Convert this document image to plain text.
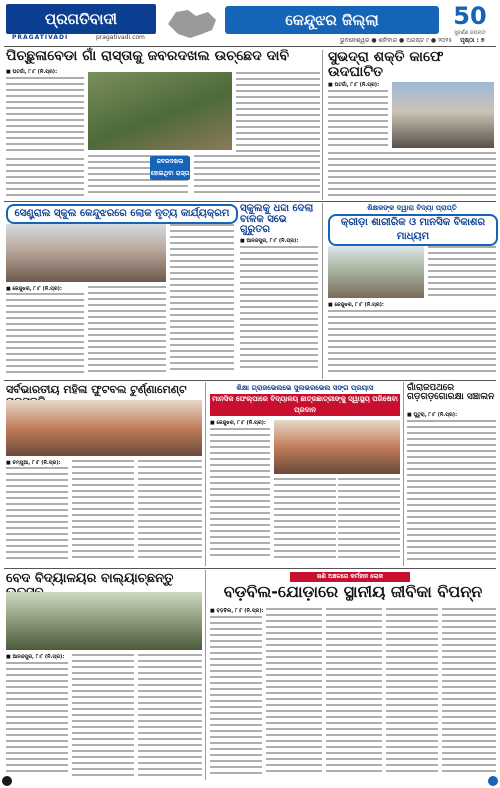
ପ୍ରଗତିବାଦୀ
PRAGATIVADI	pragativadi.com
କେନ୍ଦୁଝର ଜିଲ୍ଲା	50
ସୁବର୍ଣ୍ଣ ଜୟନ୍ତୀ
ଭୁବନେଶ୍ୱର ● ଶନିବାର ● ଅଗଷ୍ଟ ୯ ● ୨୦୨୫ ପୃଷ୍ଠା : ୭
ପିଚ୍ଛୁଳାବେଡା ଗାଁ ରାସ୍ତାକୁ ଜବରଦଖଲ ଉଚ୍ଛେଦ ଦାବି
■ ଘଟଗାଁ, ୮।୮ (ନି.ପ୍ର):
ଜବରଦଖଲ ହୋଇଥିବା ରାସ୍ତା
ସୁଭଦ୍ରା ଶକ୍ତି କାଫେ ଉଦଘାଟିତ
■ ଘଟଗାଁ, ୮।୮ (ନି.ପ୍ର):
ସେଣ୍ଟ୍ରାଲ ସ୍କୁଲ କେନ୍ଦୁଝରରେ ଲୋକ ନୃତ୍ୟ କାର୍ଯ୍ୟକ୍ରମ
■ କେନ୍ଦୁଝର, ୮।୮ (ନି.ପ୍ର):
ସ୍କୁଲକୁ ଧଦ୍ଦା ଦେଲା ବାଳକ ସଭେ ଗୁରୁତର
■ ଆନନ୍ଦପୁର, ୮।୮ (ନି.ପ୍ର):
ଶିକ୍ଷକଙ୍କ ଦ୍ୱାରା ବିଦ୍ୟା ପ୍ରାପ୍ତି
କ୍ରୀଡ଼ା ଶାରୀରିକ ଓ ମାନସିକ ବିକାଶର ମାଧ୍ୟମ
■ କେନ୍ଦୁଝର, ୮।୮ (ନି.ପ୍ର):
ସର୍ବଭାରତୀୟ ମହିଳା ଫୁଟବଲ ଟୁର୍ଣ୍ଣାମେଣ୍ଟ
■ ଚମ୍ପୁଆ, ୮।୮ (ନି.ପ୍ର):
ଶିକ୍ଷା ଗ୍ରାଜଭେଲଭେ ସୁଲଭରଭେଲ ସଙ୍ଗ ପ୍ରୟାସ
ମାନସିକ ଫେଲ୍ପାରେ ବିଦ୍ୟାଳୟ ଛାତ୍ରଛାତ୍ରୀଙ୍କୁ ସ୍ୱାସ୍ଥ୍ୟ ପରିଷେବା ପ୍ରଦାନ
■ କେନ୍ଦୁଝର, ୮।୮ (ନି.ପ୍ର):
ଗାଁରାଜପଥରେ ଗଡ଼ଗଡ଼ଗୋରକ୍ଷା ସଞ୍ଚାଲନ
■ ଘୁଟୁରା, ୮।୮ (ନି.ପ୍ର):
ବେଦ ବିଦ୍ୟାଳୟର ବାଲ୍ୟାଚ୍ଛନ୍ତୁ
■ ଆନନ୍ଦପୁର, ୮।୮ (ନି.ପ୍ର):
ଖଣି ଅଞ୍ଚଳରେ କର୍ମହୀନ ଲୋକ
ବଡ଼ବିଲ-ଯୋଡ଼ାରେ ସ୍ଥାନୀୟ ଜୀବିକା ବିପନ୍ନ
■ ବଡ଼ବିଲ, ୮।୮ (ନି.ପ୍ର):
